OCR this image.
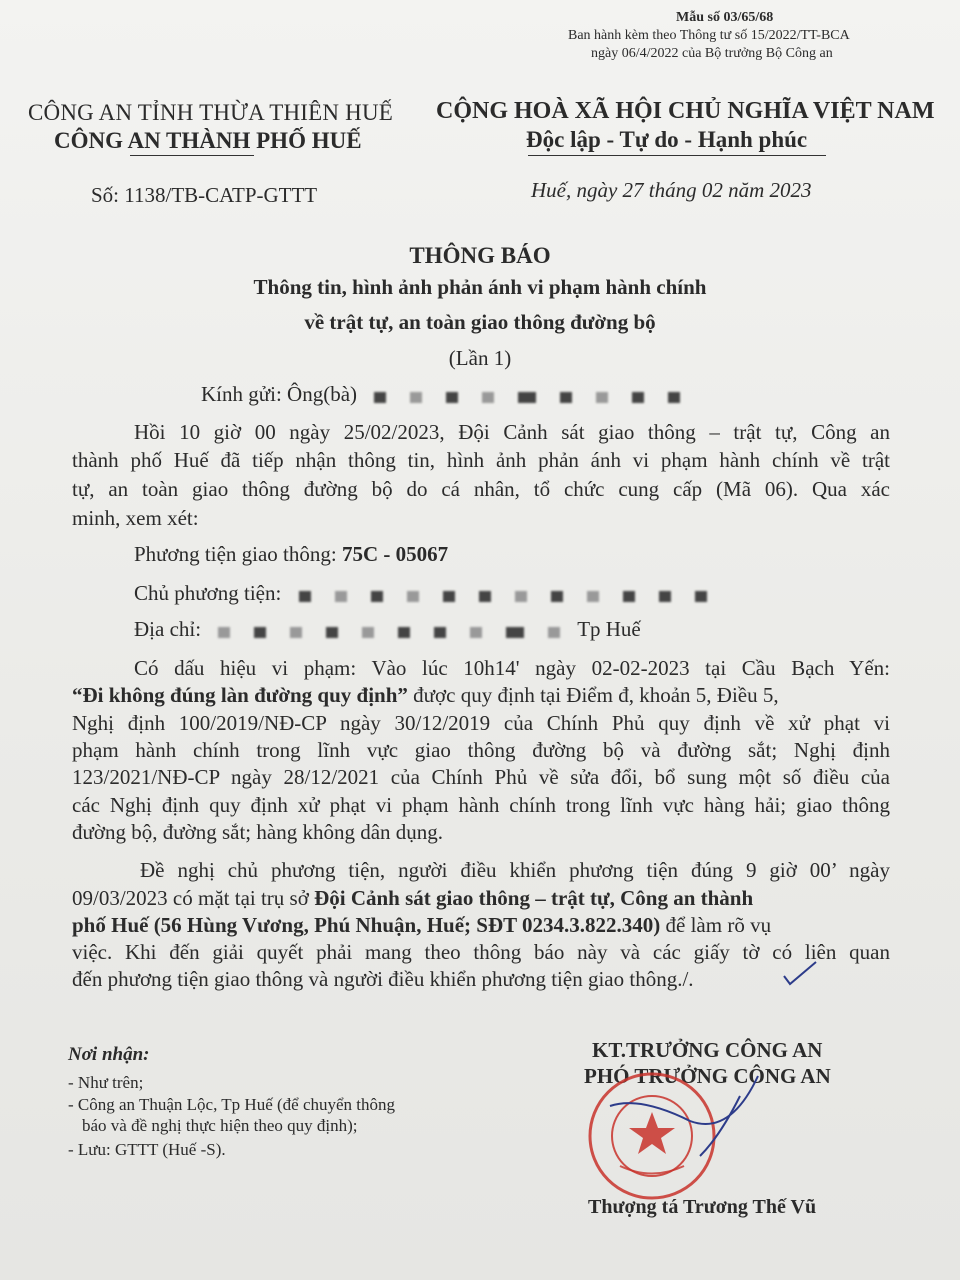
Mẫu số 03/65/68
Ban hành kèm theo Thông tư số 15/2022/TT-BCA
ngày 06/4/2022 của Bộ trưởng Bộ Công an
CÔNG AN TỈNH THỪA THIÊN HUẾ
CÔNG AN THÀNH PHỐ HUẾ
CỘNG HOÀ XÃ HỘI CHỦ NGHĨA VIỆT NAM
Độc lập - Tự do - Hạnh phúc
Số: 1138/TB-CATP-GTTT	Huế, ngày 27 tháng 02 năm 2023
THÔNG BÁO
Thông tin, hình ảnh phản ánh vi phạm hành chính
về trật tự, an toàn giao thông đường bộ
(Lần 1)
Kính gửi: Ông(bà)
Hồi 10 giờ 00 ngày 25/02/2023, Đội Cảnh sát giao thông – trật tự, Công an
thành phố Huế đã tiếp nhận thông tin, hình ảnh phản ánh vi phạm hành chính về trật
tự, an toàn giao thông đường bộ do cá nhân, tổ chức cung cấp (Mã 06). Qua xác
minh, xem xét:
Phương tiện giao thông: 75C - 05067
Chủ phương tiện:
Địa chỉ:	Tp Huế
Có dấu hiệu vi phạm: Vào lúc 10h14' ngày 02-02-2023 tại Cầu Bạch Yến:
“Đi không đúng làn đường quy định” được quy định tại Điểm đ, khoản 5, Điều 5,
Nghị định 100/2019/NĐ-CP ngày 30/12/2019 của Chính Phủ quy định về xử phạt vi
phạm hành chính trong lĩnh vực giao thông đường bộ và đường sắt; Nghị định
123/2021/NĐ-CP ngày 28/12/2021 của Chính Phủ về sửa đổi, bổ sung một số điều của
các Nghị định quy định xử phạt vi phạm hành chính trong lĩnh vực hàng hải; giao thông
đường bộ, đường sắt; hàng không dân dụng.
Đề nghị chủ phương tiện, người điều khiển phương tiện đúng 9 giờ 00’ ngày
09/03/2023 có mặt tại trụ sở Đội Cảnh sát giao thông – trật tự, Công an thành
phố Huế (56 Hùng Vương, Phú Nhuận, Huế; SĐT 0234.3.822.340) để làm rõ vụ
việc. Khi đến giải quyết phải mang theo thông báo này và các giấy tờ có liên quan
đến phương tiện giao thông và người điều khiển phương tiện giao thông./.
Nơi nhận:
- Như trên;
- Công an Thuận Lộc, Tp Huế (để chuyển thông
báo và đề nghị thực hiện theo quy định);
- Lưu: GTTT (Huế -S).
KT.TRƯỞNG CÔNG AN
PHÓ TRƯỞNG CÔNG AN
Thượng tá Trương Thế Vũ
